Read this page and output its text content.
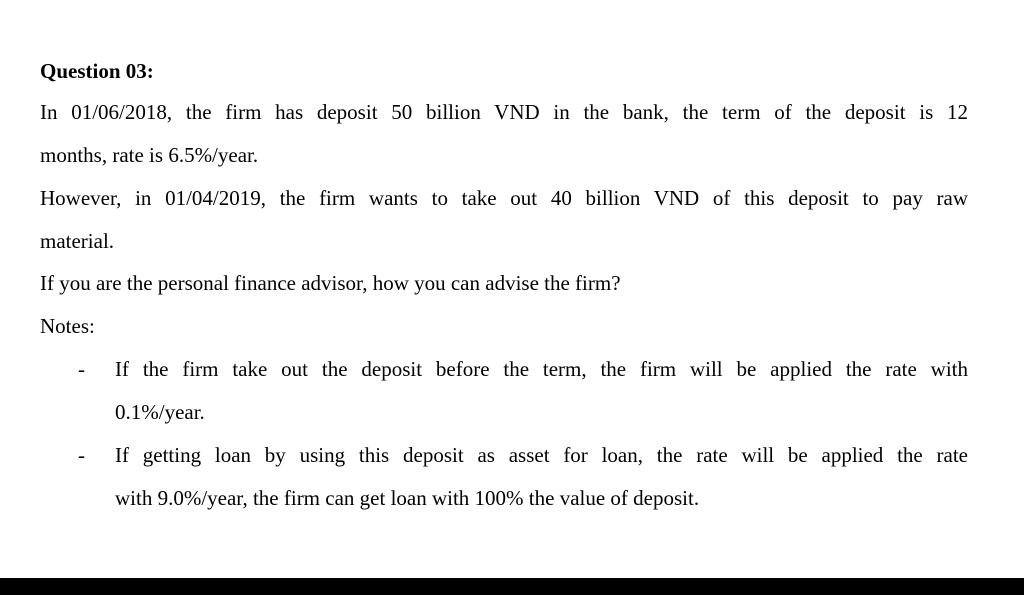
Question 03:
In 01/06/2018, the firm has deposit 50 billion VND in the bank, the term of the deposit is 12
months, rate is 6.5%/year.
However, in 01/04/2019, the firm wants to take out 40 billion VND of this deposit to pay raw
material.
If you are the personal finance advisor, how you can advise the firm?
Notes:
- If the firm take out the deposit before the term, the firm will be applied the rate with
0.1%/year.
- If getting loan by using this deposit as asset for loan, the rate will be applied the rate
with 9.0%/year, the firm can get loan with 100% the value of deposit.
